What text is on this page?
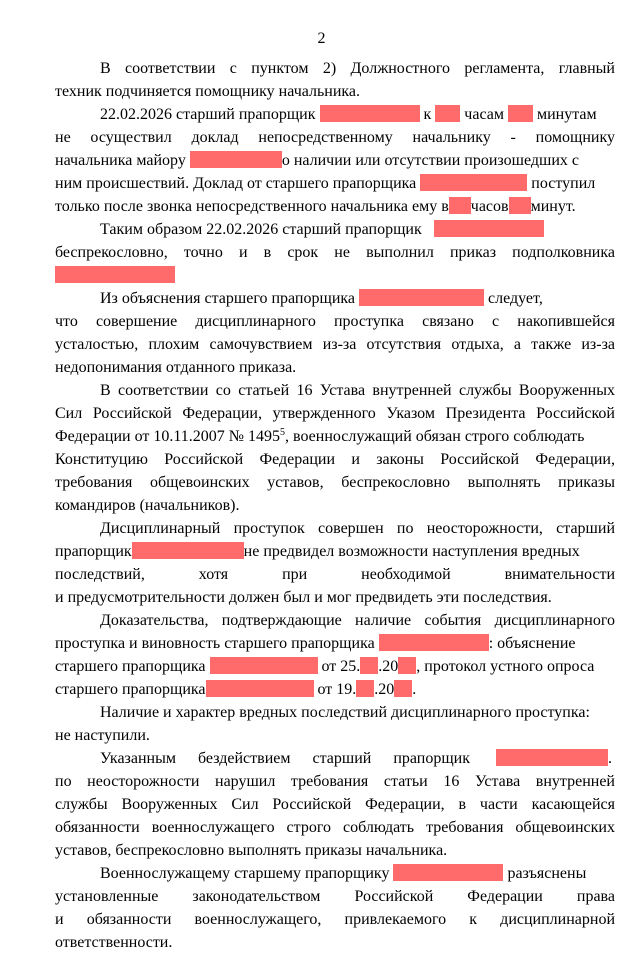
2
В соответствии с пунктом 2) Должностного регламента, главный
техник подчиняется помощнику начальника.
22.02.2026 старший прапорщик	к часам минутам
не осуществил доклад непосредственному начальнику - помощнику
начальника майору	о наличии или отсутствии произошедших с
ним происшествий. Доклад от старшего прапорщика	поступил
только после звонка непосредственного начальника ему в часов минут.
Таким образом 22.02.2026 старший прапорщик
беспрекословно, точно и в срок не выполнил приказ подполковника
Из объяснения старшего прапорщика	следует,
что совершение дисциплинарного проступка связано с накопившейся
усталостью, плохим самочувствием из-за отсутствия отдыха, а также из-за
недопонимания отданного приказа.
В соответствии со статьей 16 Устава внутренней службы Вооруженных
Сил Российской Федерации, утвержденного Указом Президента Российской
Федерации от 10.11.2007 № 1495$^5$, военнослужащий обязан строго соблюдать
Конституцию Российской Федерации и законы Российской Федерации,
требования общевоинских уставов, беспрекословно выполнять приказы
командиров (начальников).
Дисциплинарный проступок совершен по неосторожности, старший
прапорщик	не предвидел возможности наступления вредных
последствий, хотя при необходимой внимательности
и предусмотрительности должен был и мог предвидеть эти последствия.
Доказательства, подтверждающие наличие события дисциплинарного
проступка и виновность старшего прапорщика	: объяснение
старшего прапорщика	от 25. .20 , протокол устного опроса
старшего прапорщика	от 19. .20 .
Наличие и характер вредных последствий дисциплинарного проступка:
не наступили.
Указанным бездействием старший прапорщик	.
по неосторожности нарушил требования статьи 16 Устава внутренней
службы Вооруженных Сил Российской Федерации, в части касающейся
обязанности военнослужащего строго соблюдать требования общевоинских
уставов, беспрекословно выполнять приказы начальника.
Военнослужащему старшему прапорщику	разъяснены
установленные законодательством Российской Федерации права
и обязанности военнослужащего, привлекаемого к дисциплинарной
ответственности.
